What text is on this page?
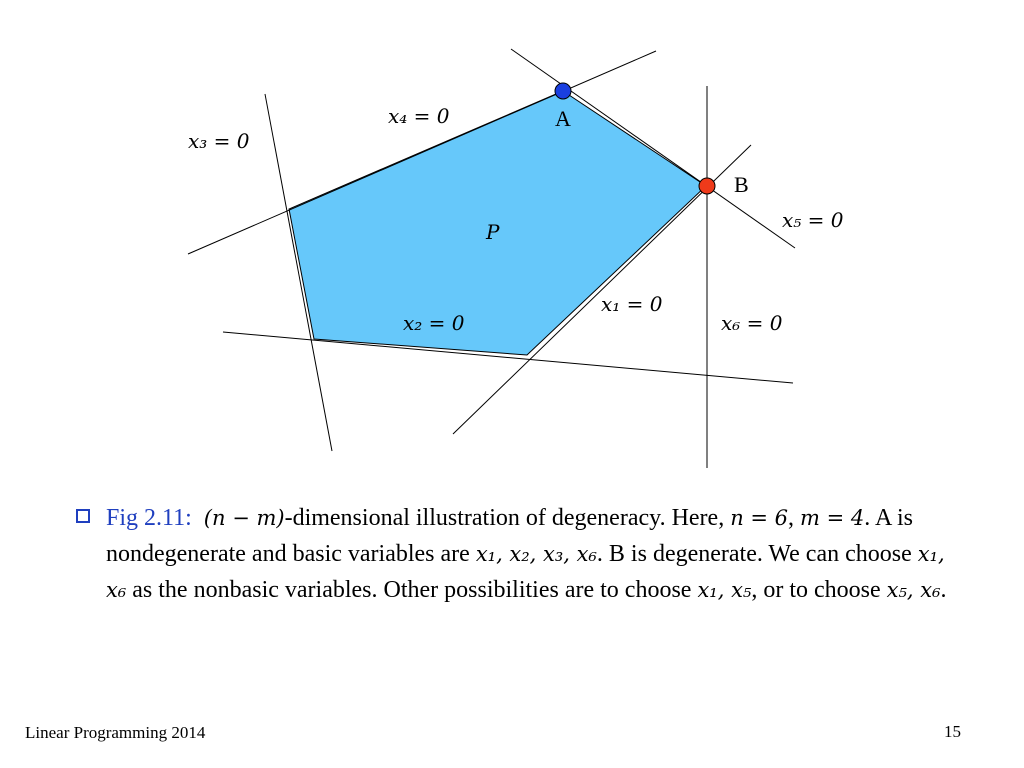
x₄ = 0
x₃ = 0
x₅ = 0
x₁ = 0
x₂ = 0	x₆ = 0
P
A
B
Fig 2.11: (n − m)-dimensional illustration of degeneracy. Here, n = 6, m = 4. A is nondegenerate and basic variables are x₁, x₂, x₃, x₆. B is degenerate. We can choose x₁, x₆ as the nonbasic variables. Other possibilities are to choose x₁, x₅, or to choose x₅, x₆.
Linear Programming 2014	15
